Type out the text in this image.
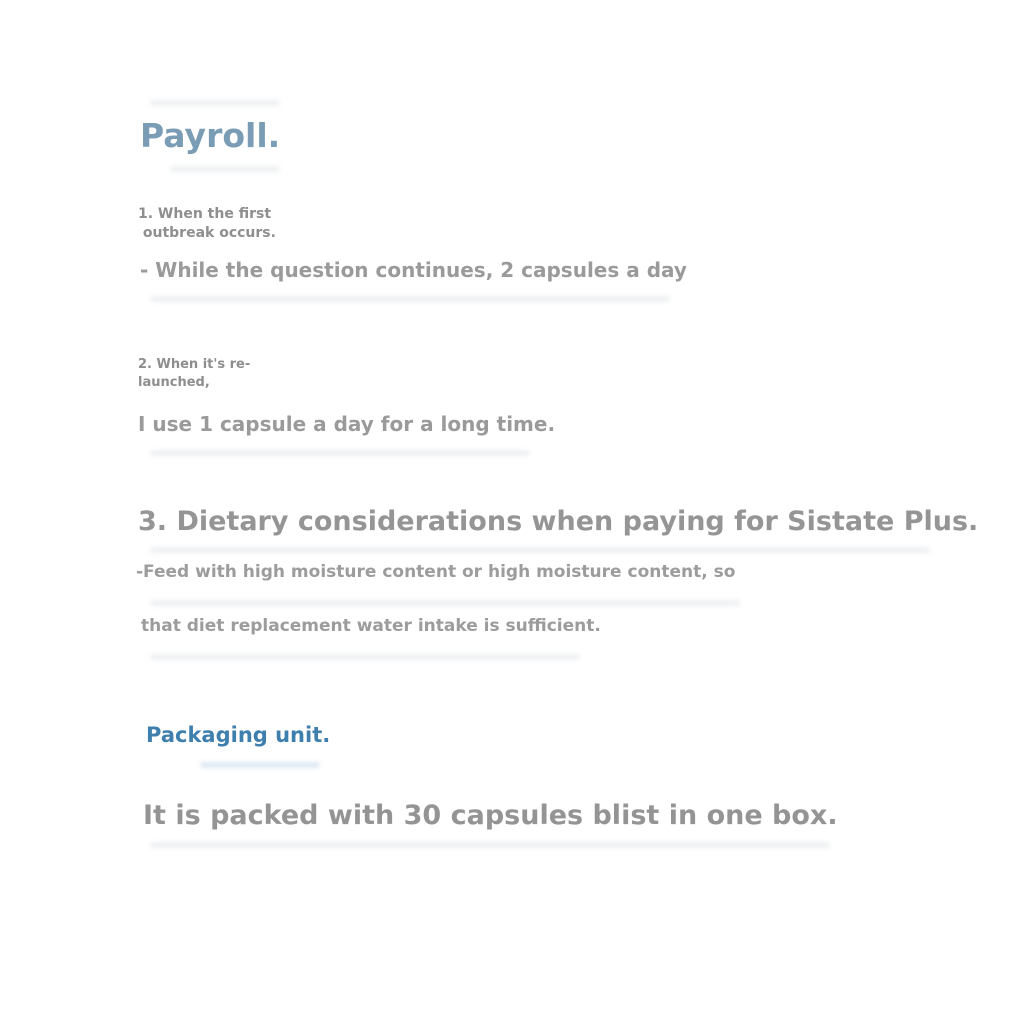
Payroll.
1. When the first
outbreak occurs.
- While the question continues, 2 capsules a day
2. When it's re-
launched,
I use 1 capsule a day for a long time.
3. Dietary considerations when paying for Sistate Plus.
-Feed with high moisture content or high moisture content, so
that diet replacement water intake is sufficient.
Packaging unit.
It is packed with 30 capsules blist in one box.
